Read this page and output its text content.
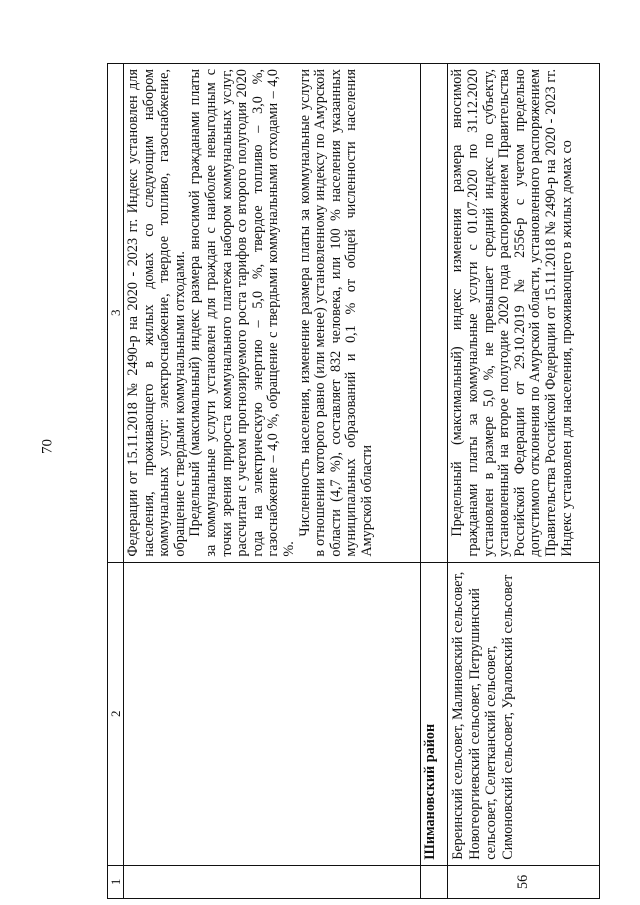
70
1	2	3

		Федерации от 15.11.2018 № 2490-р на 2020 - 2023 гг. Индекс установлен для населения, проживающего в жилых домах со следующим набором коммунальных услуг: электроснабжение, твердое топливо, газоснабжение, обращение с твердыми коммунальными отходами. Предельный (максимальный) индекс размера вносимой гражданами платы за коммунальные услуги установлен для граждан с наиболее невыгодным с точки зрения прироста коммунального платежа набором коммунальных услуг, рассчитан с учетом прогнозируемого роста тарифов со второго полугодия 2020 года на электрическую энергию – 5,0 %, твердое топливо – 3,0 %, газоснабжение – 4,0 %, обращение с твердыми коммунальными отходами – 4,0 %.
Численность населения, изменение размера платы за коммунальные услуги в отношении которого равно (или менее) установленному индексу по Амурской области (4,7 %), составляет 832 человека, или 100 % населения указанных муниципальных образований и 0,1 % от общей численности населения Амурской области

	Шимановский район	
56	Береинский сельсовет, Малиновский сельсовет, Новогеоргиевский сельсовет, Петрушинский сельсовет, Селетканский сельсовет, Симоновский сельсовет, Ураловский сельсовет	Предельный (максимальный) индекс изменения размера вносимой гражданами платы за коммунальные услуги с 01.07.2020 по 31.12.2020 установлен в размере 5,0 %, не превышает средний индекс по субъекту, установленный на второе полугодие 2020 года распоряжением Правительства Российской Федерации от 29.10.2019 № 2556-р с учетом предельно допустимого отклонения по Амурской области, установленного распоряжением Правительства Российской Федерации от 15.11.2018 № 2490-р на 2020 - 2023 гг. Индекс установлен для населения, проживающего в жилых домах со
